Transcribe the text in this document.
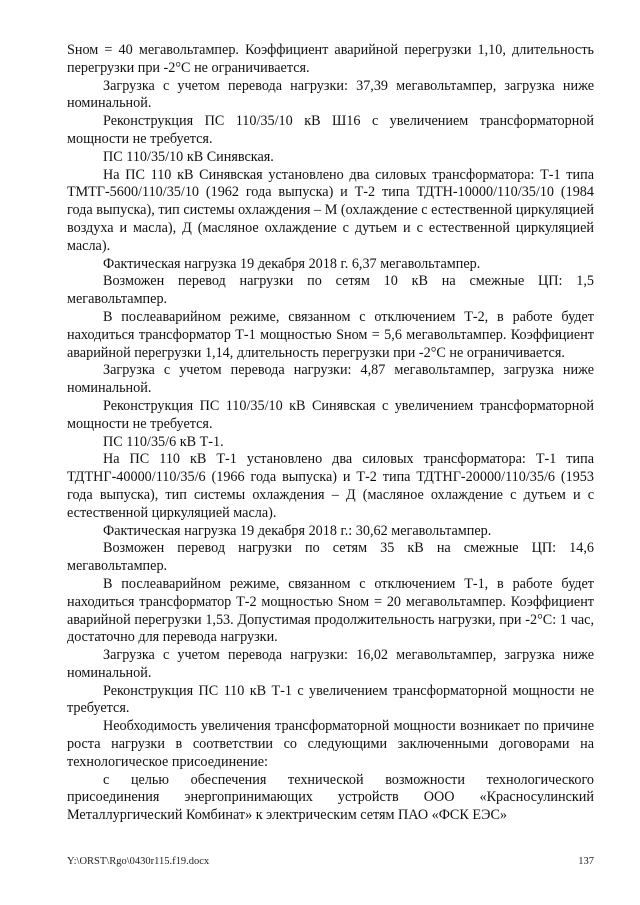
Sном = 40 мегавольтампер. Коэффициент аварийной перегрузки 1,10, длительность перегрузки при -2°С не ограничивается.

Загрузка с учетом перевода нагрузки: 37,39 мегавольтампер, загрузка ниже номинальной.

Реконструкция ПС 110/35/10 кВ Ш16 с увеличением трансформаторной мощности не требуется.

ПС 110/35/10 кВ Синявская.

На ПС 110 кВ Синявская установлено два силовых трансформатора: Т-1 типа ТМТГ-5600/110/35/10 (1962 года выпуска) и Т-2 типа ТДТН-10000/110/35/10 (1984 года выпуска), тип системы охлаждения – М (охлаждение с естественной циркуляцией воздуха и масла), Д (масляное охлаждение с дутьем и с естественной циркуляцией масла).

Фактическая нагрузка 19 декабря 2018 г. 6,37 мегавольтампер.

Возможен перевод нагрузки по сетям 10 кВ на смежные ЦП: 1,5 мегавольтампер.

В послеаварийном режиме, связанном с отключением Т-2, в работе будет находиться трансформатор Т-1 мощностью Sном = 5,6 мегавольтампер. Коэффициент аварийной перегрузки 1,14, длительность перегрузки при -2°С не ограничивается.

Загрузка с учетом перевода нагрузки: 4,87 мегавольтампер, загрузка ниже номинальной.

Реконструкция ПС 110/35/10 кВ Синявская с увеличением трансформаторной мощности не требуется.

ПС 110/35/6 кВ Т-1.

На ПС 110 кВ Т-1 установлено два силовых трансформатора: Т-1 типа ТДТНГ-40000/110/35/6 (1966 года выпуска) и Т-2 типа ТДТНГ-20000/110/35/6 (1953 года выпуска), тип системы охлаждения – Д (масляное охлаждение с дутьем и с естественной циркуляцией масла).

Фактическая нагрузка 19 декабря 2018 г.: 30,62 мегавольтампер.

Возможен перевод нагрузки по сетям 35 кВ на смежные ЦП: 14,6 мегавольтампер.

В послеаварийном режиме, связанном с отключением Т-1, в работе будет находиться трансформатор Т-2 мощностью Sном = 20 мегавольтампер. Коэффициент аварийной перегрузки 1,53. Допустимая продолжительность нагрузки, при -2°С: 1 час, достаточно для перевода нагрузки.

Загрузка с учетом перевода нагрузки: 16,02 мегавольтампер, загрузка ниже номинальной.

Реконструкция ПС 110 кВ Т-1 с увеличением трансформаторной мощности не требуется.

Необходимость увеличения трансформаторной мощности возникает по причине роста нагрузки в соответствии со следующими заключенными договорами на технологическое присоединение:

с целью обеспечения технической возможности технологического присоединения энергопринимающих устройств ООО «Красносулинский Металлургический Комбинат» к электрическим сетям ПАО «ФСК ЕЭС»

Y:\ORST\Rgo\0430r115.f19.docx	137
